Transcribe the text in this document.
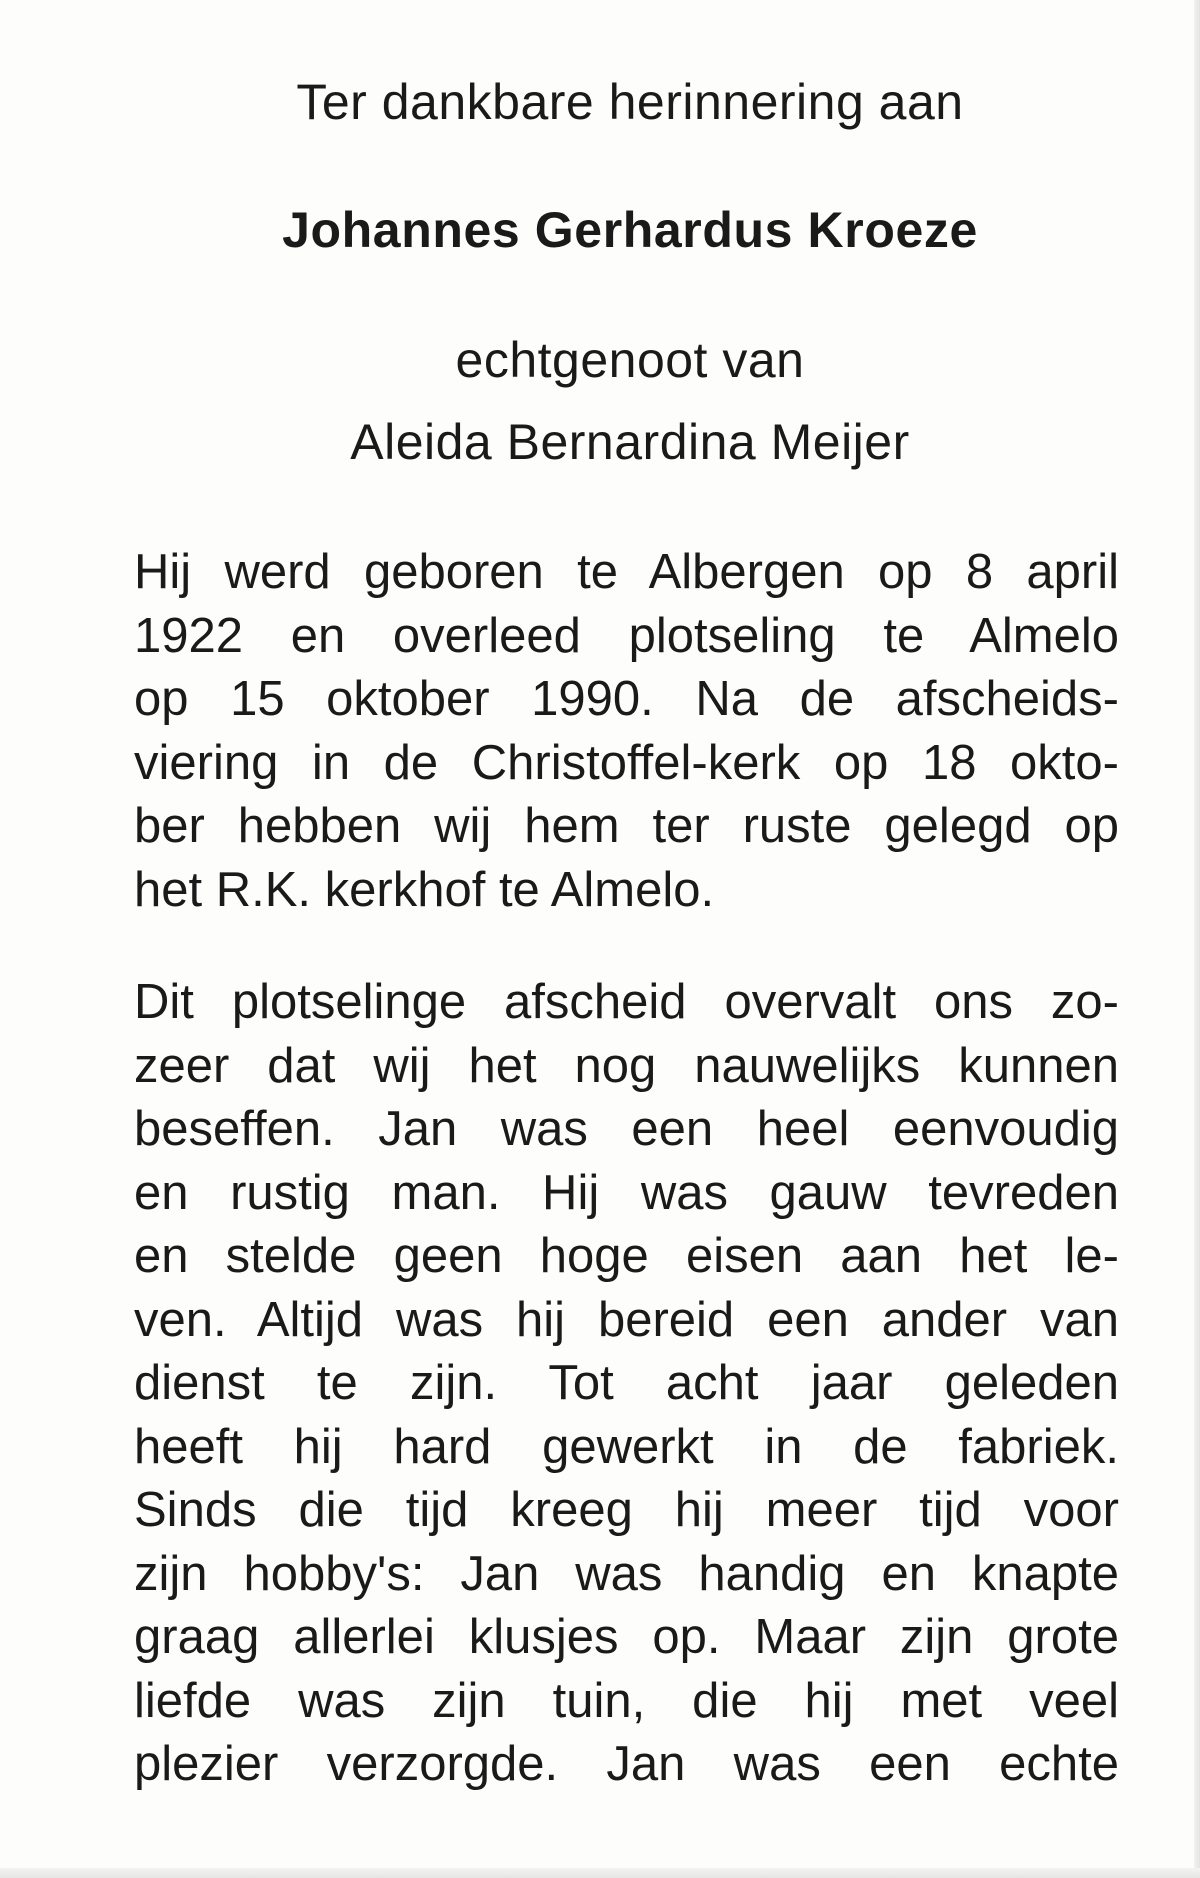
Ter dankbare herinnering aan

Johannes Gerhardus Kroeze

echtgenoot van

Aleida Bernardina Meijer

Hij werd geboren te Albergen op 8 april
1922 en overleed plotseling te Almelo
op 15 oktober 1990. Na de afscheids-
viering in de Christoffel-kerk op 18 okto-
ber hebben wij hem ter ruste gelegd op
het R.K. kerkhof te Almelo.
Dit plotselinge afscheid overvalt ons zo-
zeer dat wij het nog nauwelijks kunnen
beseffen. Jan was een heel eenvoudig
en rustig man. Hij was gauw tevreden
en stelde geen hoge eisen aan het le-
ven. Altijd was hij bereid een ander van
dienst te zijn. Tot acht jaar geleden
heeft hij hard gewerkt in de fabriek.
Sinds die tijd kreeg hij meer tijd voor
zijn hobby's: Jan was handig en knapte
graag allerlei klusjes op. Maar zijn grote
liefde was zijn tuin, die hij met veel
plezier verzorgde. Jan was een echte
